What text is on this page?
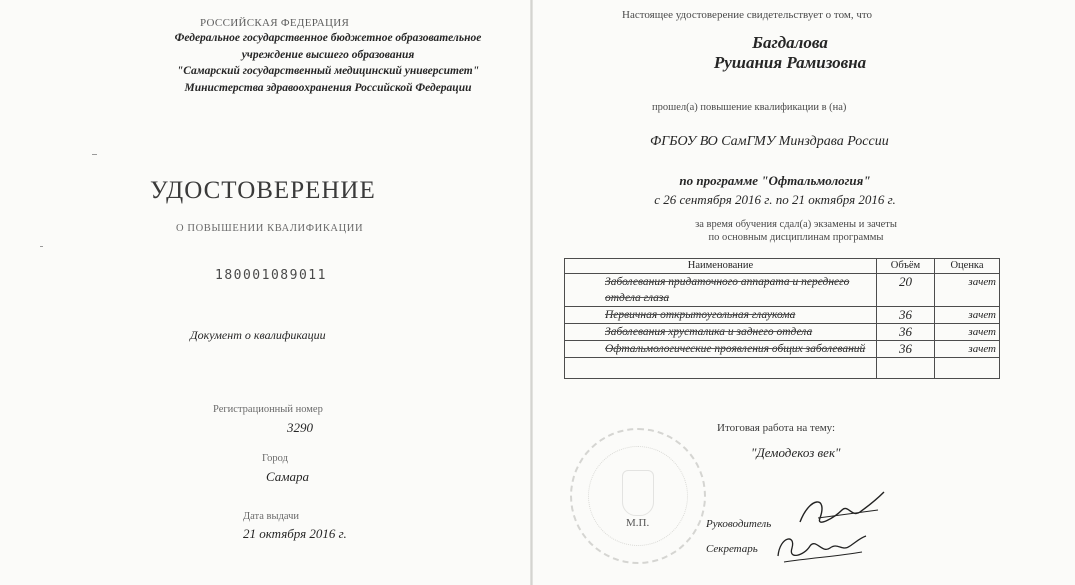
РОССИЙСКАЯ ФЕДЕРАЦИЯ
Федеральное государственное бюджетное образовательное
учреждение высшего образования
"Самарский государственный медицинский университет"
Министерства здравоохранения Российской Федерации
УДОСТОВЕРЕНИЕ
О ПОВЫШЕНИИ КВАЛИФИКАЦИИ
180001089011
Документ о квалификации
Регистрационный номер
3290
Город
Самара
Дата выдачи
21 октября 2016 г.
Настоящее удостоверение свидетельствует о том, что
Багдалова
Рушания Рамизовна
прошел(а) повышение квалификации в (на)
ФГБОУ ВО СамГМУ Минздрава России
по программе "Офтальмология"
с 26 сентября 2016 г. по 21 октября 2016 г.
за время обучения сдал(а) экзамены и зачеты
по основным дисциплинам программы
Наименование	Объём	Оценка
Заболевания придаточного аппарата и переднего отдела глаза	20	зачет
Первичная открытоугольная глаукома	36	зачет
Заболевания хрусталика и заднего отдела	36	зачет
Офтальмологические проявления общих заболеваний	36	зачет

Итоговая работа на тему:
"Демодекоз век"
М.П.	Руководитель
Секретарь
